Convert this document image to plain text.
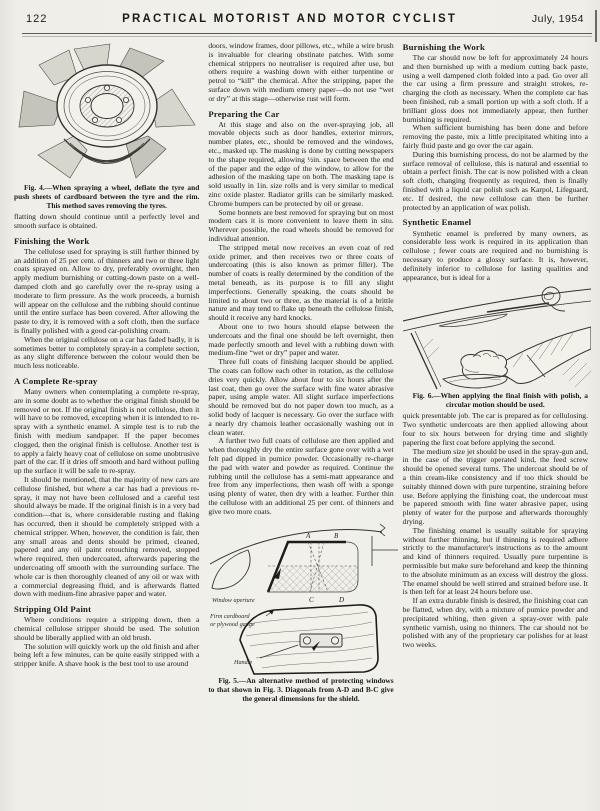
122	PRACTICAL MOTORIST AND MOTOR CYCLIST	July, 1954

Fig. 4.—When spraying a wheel, deflate the tyre and push sheets of cardboard between the tyre and the rim. This method saves removing the tyres.

flatting down should continue until a perfectly level and smooth surface is obtained.

Finishing the Work

The cellulose used for spraying is still further thinned by an addition of 25 per cent. of thinners and two or three light coats sprayed on. Allow to dry, preferably overnight, then apply medium burnishing or cutting-down paste on a well-damped cloth and go carefully over the re-spray using a moderate to firm pressure. As the work proceeds, a burnish will appear on the cellulose and the rubbing should continue until the entire surface has been covered. After allowing the paste to dry, it is removed with a soft cloth, then the surface is finally polished with a good car-polishing cream.

When the original cellulose on a car has faded badly, it is sometimes better to completely spray-in a complete section, as any slight difference between the colour would then be much less noticeable.

A Complete Re-spray

Many owners when contemplating a complete re-spray, are in some doubt as to whether the original finish should be removed or not. If the original finish is not cellulose, then it will have to be removed, excepting when it is intended to re-spray with a synthetic enamel. A simple test is to rub the finish with medium sandpaper. If the paper becomes clogged, then the original finish is cellulose. Another test is to apply a fairly heavy coat of cellulose on some unobtrusive part of the car. If it dries off smooth and hard without pulling up the surface it will be safe to re-spray.

It should be mentioned, that the majority of new cars are cellulose finished, but where a car has had a previous re-spray, it may not have been cellulosed and a careful test should always be made. If the original finish is in a very bad condition—that is, where considerable rusting and flaking has occurred, then it should be completely stripped with a chemical stripper. When, however, the condition is fair, then any small areas and dents should be primed, cleaned, papered and any oil paint retouching removed, stopped where required, then undercoated, afterwards papering the undercoating off smooth with the surrounding surface. The whole car is then thoroughly cleaned of any oil or wax with a commercial degreasing fluid, and is afterwards flatted down with medium-fine abrasive paper and water.

Stripping Old Paint

Where conditions require a stripping down, then a chemical cellulose stripper should be used. The solution should be liberally applied with an old brush.

The solution will quickly work up the old finish and after being left a few minutes, can be quite easily stripped with a stripper knife. A shave hook is the best tool to use around

doors, window frames, door pillows, etc., while a wire brush is invaluable for clearing obstinate patches. With some chemical strippers no neutraliser is required after use, but others require a washing down with either turpentine or petrol to “kill” the chemical. After the stripping, paper the surface down with medium emery paper—do not use “wet or dry” at this stage—otherwise rust will form.

Preparing the Car

At this stage and also on the over-spraying job, all movable objects such as door handles, exterior mirrors, number plates, etc., should be removed and the windows, etc., masked up. The masking is done by cutting newspapers to the shape required, allowing ½in. space between the end of the paper and the edge of the window, to allow for the adhesion of the masking tape on both. The masking tape is sold usually in 1in. size rolls and is very similar to medical zinc oxide plaster. Radiator grills can be similarly masked. Chrome bumpers can be protected by oil or grease.

Some bonnets are best removed for spraying but on most modern cars it is more convenient to leave them in situ. Wherever possible, the road wheels should be removed for individual attention.

The stripped metal now receives an even coat of red oxide primer, and then receives two or three coats of undercoating (this is also known as primer filler). The number of coats is really determined by the condition of the metal beneath, as its purpose is to fill any slight imperfections. Generally speaking, the coats should be limited to about two or three, as the material is of a brittle nature and may tend to flake up beneath the cellulose finish, should it receive any hard knocks.

About one to two hours should elapse between the undercoats and the final one should be left overnight, then made perfectly smooth and level with a rubbing down with medium-fine “wet or dry” paper and water.

Three full coats of finishing lacquer should be applied. The coats can follow each other in rotation, as the cellulose dries very quickly. Allow about four to six hours after the last coat, then go over the surface with fine water abrasive paper, using ample water. All slight surface imperfections should be removed but do not paper down too much, as a solid body of lacquer is necessary. Go over the surface with a nearly dry chamois leather occasionally washing out in clean water.

A further two full coats of cellulose are then applied and when thoroughly dry the entire surface gone over with a wet felt pad dipped in pumice powder. Occasionally re-charge the pad with water and powder as required. Continue the rubbing until the cellulose has a semi-matt appearance and free from any imperfections, then wash off with a sponge using plenty of water, then dry with a leather. Further thin the cellulose with an additional 25 per cent. of thinners and give two more coats.

A	B
C	D
Window aperture
Firm cardboard
or plywood gauge
Handle

Fig. 5.—An alternative method of protecting windows to that shown in Fig. 3. Diagonals from A-D and B-C give the general dimensions for the shield.

Burnishing the Work

The car should now be left for approximately 24 hours and then burnished up with a medium cutting back paste, using a well dampened cloth folded into a pad. Go over all the car using a firm pressure and straight strokes, re-charging the cloth as necessary. When the complete car has been finished, rub a small portion up with a soft cloth. If a brilliant gloss does not immediately appear, then further burnishing is required.

When sufficient burnishing has been done and before removing the paste, mix a little precipitated whiting into a fairly fluid paste and go over the car again.

During this burnishing process, do not be alarmed by the surface removal of cellulose, this is natural and essential to obtain a perfect finish. The car is now polished with a clean soft cloth, changing frequently as required, then is finally finished with a liquid car polish such as Karpol, Lifeguard, etc. If desired, the new cellulose can then be further protected by an application of wax polish.

Synthetic Enamel

Synthetic enamel is preferred by many owners, as considerable less work is required in its application than cellulose ; fewer coats are required and no burnishing is necessary to produce a glossy surface. It is, however, definitely inferior to cellulose for lasting qualities and appearance, but is ideal for a

Fig. 6.—When applying the final finish with polish, a circular motion should be used.

quick presentable job. The car is prepared as for cellulosing. Two synthetic undercoats are then applied allowing about four to six hours between for drying time and slightly papering the first coat before applying the second.

The medium size jet should be used in the spray-gun and, in the case of the trigger operated kind, the feed screw should be opened several turns. The undercoat should be of a thin cream-like consistency and if too thick should be suitably thinned down with pure turpentine, straining before use. Before applying the finishing coat, the undercoat must be papered smooth with fine water abrasive paper, using plenty of water for the purpose and afterwards thoroughly drying.

The finishing enamel is usually suitable for spraying without further thinning, but if thinning is required adhere strictly to the manufacturer's instructions as to the amount and kind of thinners required. Usually pure turpentine is permissible but make sure beforehand and keep the thinning to the absolute minimum as an excess will destroy the gloss. The enamel should be well stirred and strained before use. It is then left for at least 24 hours before use.

If an extra durable finish is desired, the finishing coat can be flatted, when dry, with a mixture of pumice powder and precipitated whiting, then given a spray-over with pale synthetic varnish, using no thinners. The car should not be polished with any of the proprietary car polishes for at least two weeks.
